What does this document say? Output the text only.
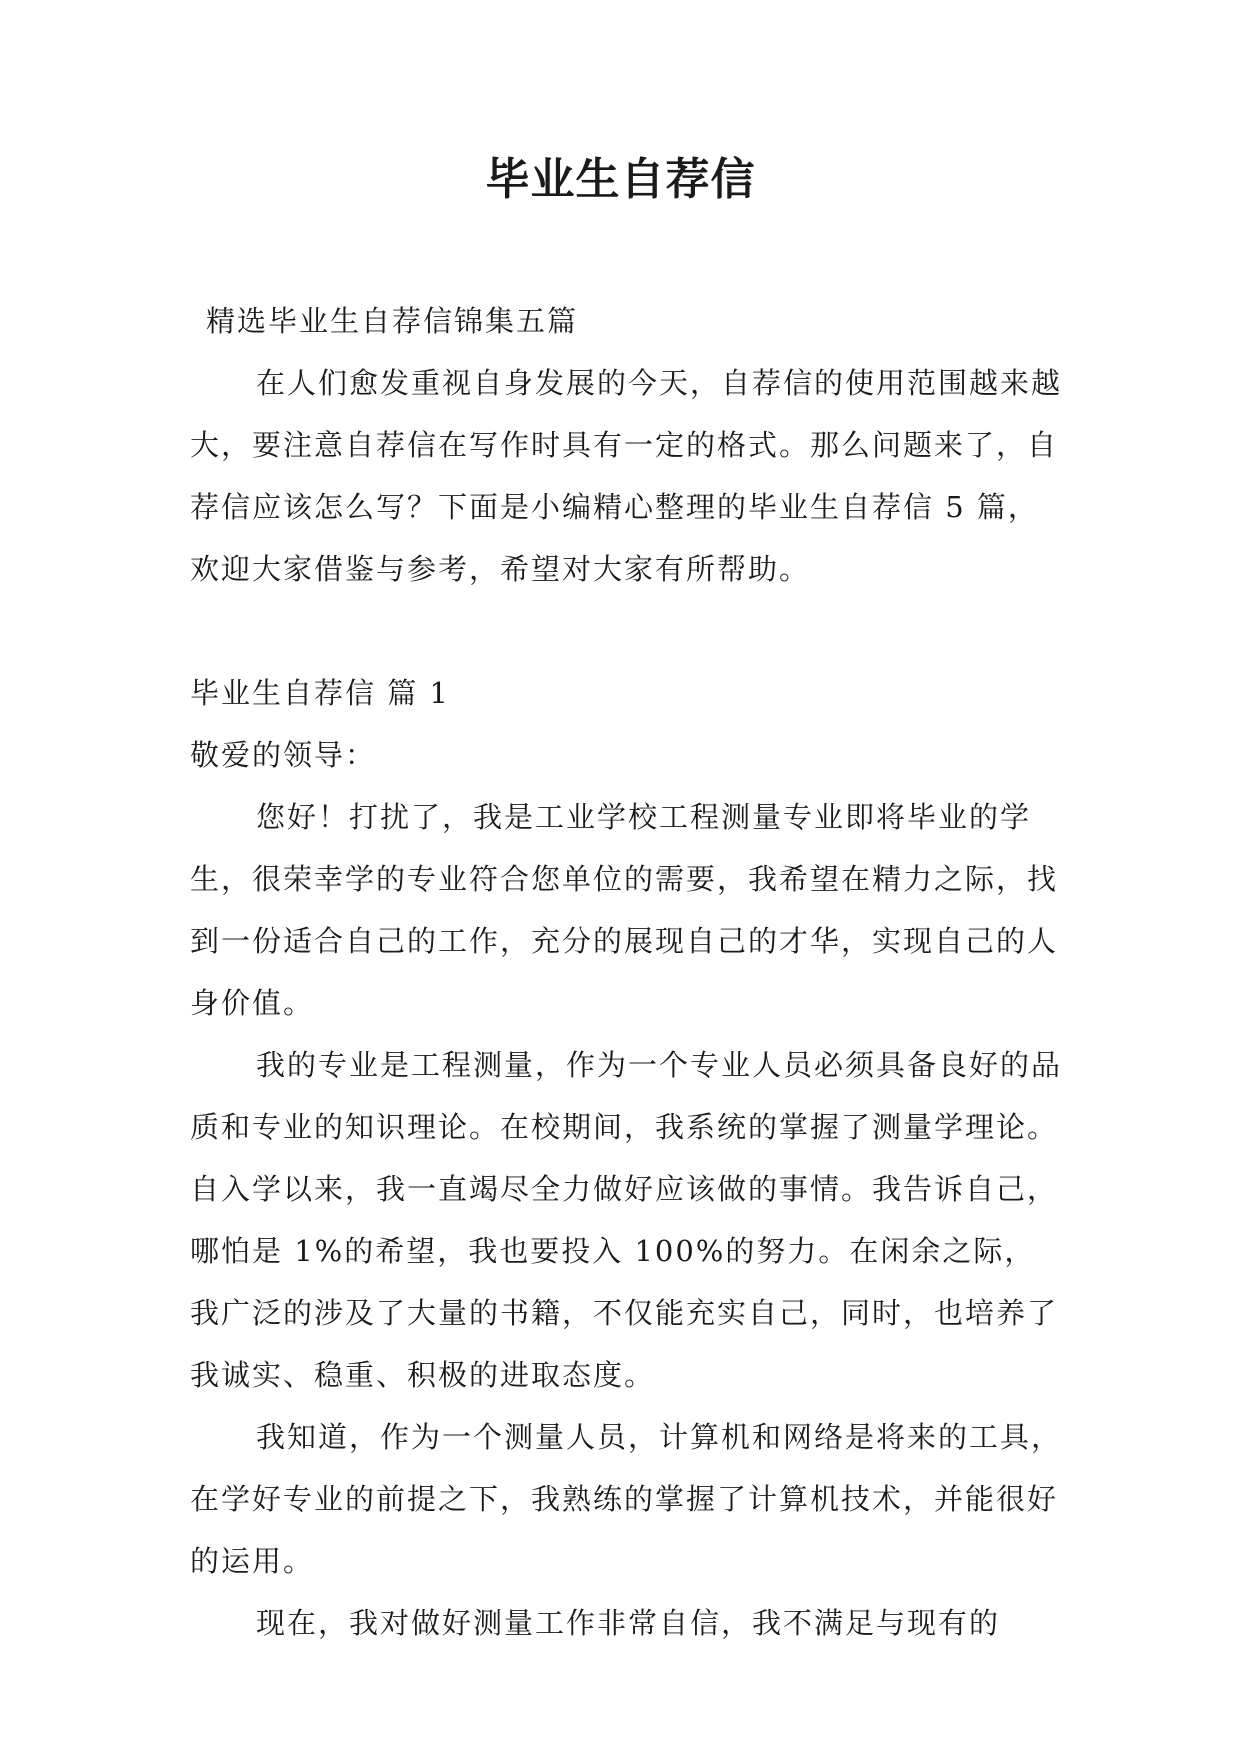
毕业生自荐信

精选毕业生自荐信锦集五篇

在人们愈发重视自身发展的今天，自荐信的使用范围越来越大，要注意自荐信在写作时具有一定的格式。那么问题来了，自荐信应该怎么写？下面是小编精心整理的毕业生自荐信 5 篇，欢迎大家借鉴与参考，希望对大家有所帮助。

毕业生自荐信 篇 1

敬爱的领导：

您好！打扰了，我是工业学校工程测量专业即将毕业的学生，很荣幸学的专业符合您单位的需要，我希望在精力之际，找到一份适合自己的工作，充分的展现自己的才华，实现自己的人身价值。

我的专业是工程测量，作为一个专业人员必须具备良好的品质和专业的知识理论。在校期间，我系统的掌握了测量学理论。自入学以来，我一直竭尽全力做好应该做的事情。我告诉自己，哪怕是 1%的希望，我也要投入 100%的努力。在闲余之际，我广泛的涉及了大量的书籍，不仅能充实自己，同时，也培养了我诚实、稳重、积极的进取态度。

我知道，作为一个测量人员，计算机和网络是将来的工具，在学好专业的前提之下，我熟练的掌握了计算机技术，并能很好的运用。

现在，我对做好测量工作非常自信，我不满足与现有的
